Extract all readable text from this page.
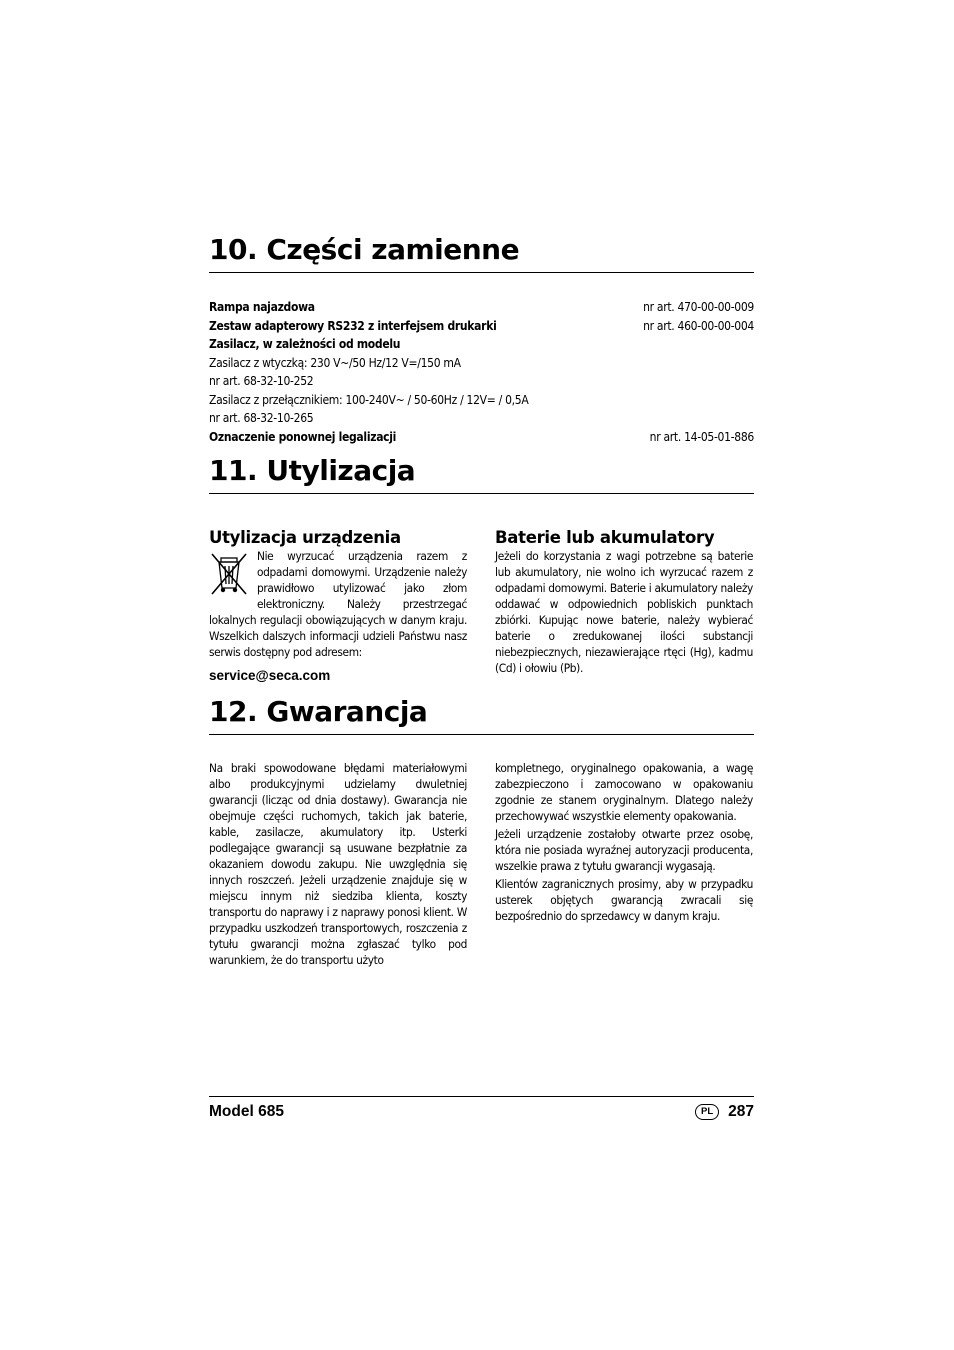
10. Części zamienne
Rampa najazdowa	nr art. 470-00-00-009
Zestaw adapterowy RS232 z interfejsem drukarki	nr art. 460-00-00-004
Zasilacz, w zależności od modelu
Zasilacz z wtyczką: 230 V~/50 Hz/12 V=/150 mA
nr art. 68-32-10-252
Zasilacz z przełącznikiem: 100-240V~ / 50-60Hz / 12V= / 0,5A
nr art. 68-32-10-265
Oznaczenie ponownej legalizacji	nr art. 14-05-01-886
11. Utylizacja
Utylizacja urządzenia

Nie wyrzucać urządzenia razem z odpadami domowymi. Urządzenie należy prawidłowo utylizować jako złom elektroniczny. Należy przestrzegać lokalnych regulacji obowiązujących w danym kraju. Wszelkich dalszych informacji udzieli Państwu nasz serwis dostępny pod adresem:

service@seca.com
Baterie lub akumulatory

Jeżeli do korzystania z wagi potrzebne są baterie lub akumulatory, nie wolno ich wyrzucać razem z odpadami domowymi. Baterie i akumulatory należy oddawać w odpowiednich pobliskich punktach zbiórki. Kupując nowe baterie, należy wybierać baterie o zredukowanej ilości substancji niebezpiecznych, niezawierające rtęci (Hg), kadmu (Cd) i ołowiu (Pb).

12. Gwarancja

Na braki spowodowane błędami materiałowymi albo produkcyjnymi udzielamy dwuletniej gwarancji (licząc od dnia dostawy). Gwarancja nie obejmuje części ruchomych, takich jak baterie, kable, zasilacze, akumulatory itp. Usterki podlegające gwarancji są usuwane bezpłatnie za okazaniem dowodu zakupu. Nie uwzględnia się innych roszczeń. Jeżeli urządzenie znajduje się w miejscu innym niż siedziba klienta, koszty transportu do naprawy i z naprawy ponosi klient. W przypadku uszkodzeń transportowych, roszczenia z tytułu gwarancji można zgłaszać tylko pod warunkiem, że do transportu użyto

kompletnego, oryginalnego opakowania, a wagę zabezpieczono i zamocowano w opakowaniu zgodnie ze stanem oryginalnym. Dlatego należy przechowywać wszystkie elementy opakowania.

Jeżeli urządzenie zostałoby otwarte przez osobę, która nie posiada wyraźnej autoryzacji producenta, wszelkie prawa z tytułu gwarancji wygasają.

Klientów zagranicznych prosimy, aby w przypadku usterek objętych gwarancją zwracali się bezpośrednio do sprzedawcy w danym kraju.

Model 685	PL 287
